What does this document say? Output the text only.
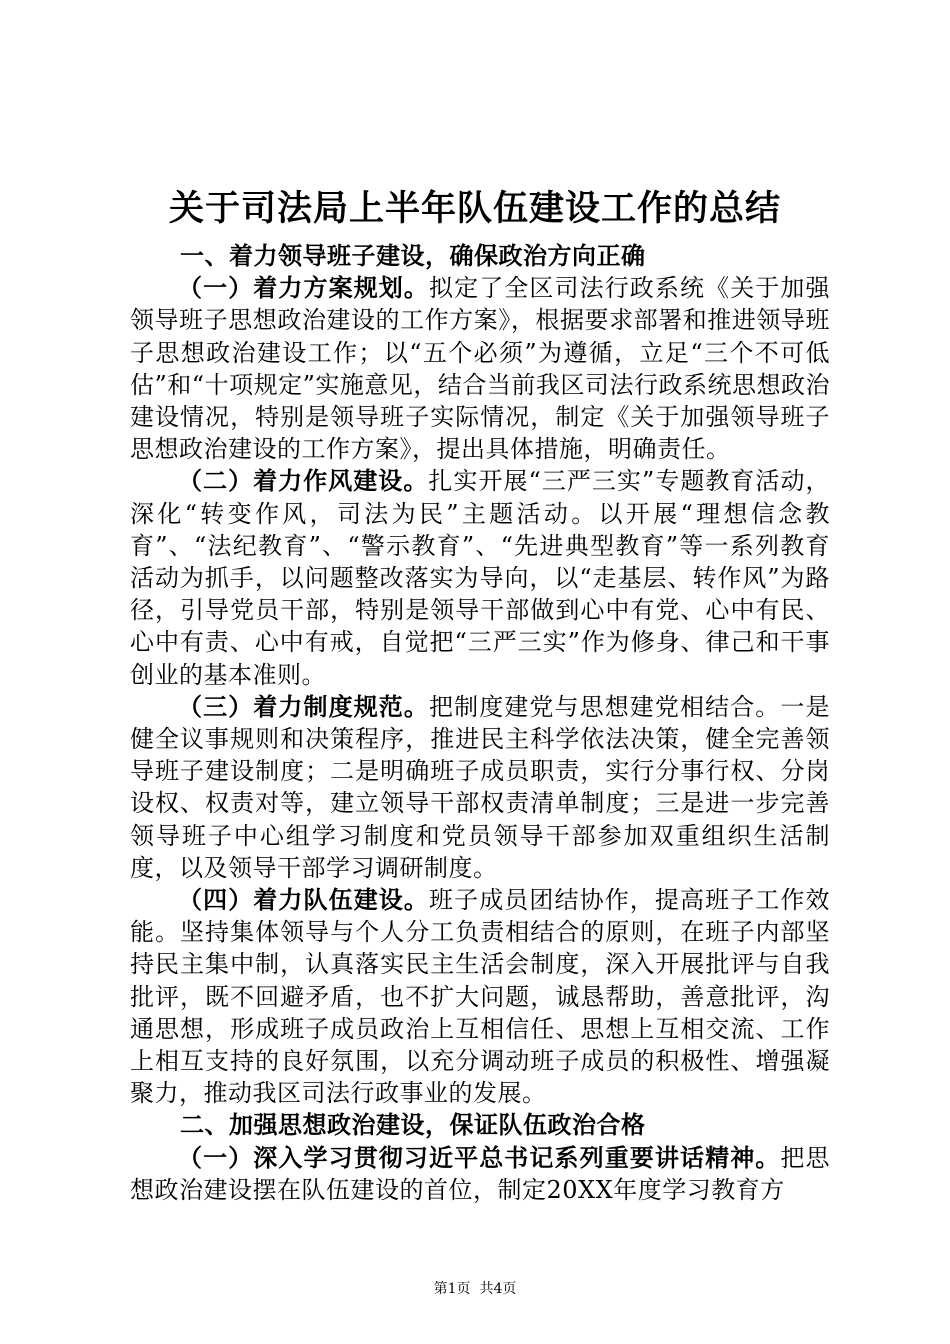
关于司法局上半年队伍建设工作的总结

一、着力领导班子建设，确保政治方向正确

（一）着力方案规划。拟定了全区司法行政系统《关于加强领导班子思想政治建设的工作方案》，根据要求部署和推进领导班子思想政治建设工作；以“五个必须”为遵循，立足“三个不可低估”和“十项规定”实施意见，结合当前我区司法行政系统思想政治建设情况，特别是领导班子实际情况，制定《关于加强领导班子思想政治建设的工作方案》，提出具体措施，明确责任。

（二）着力作风建设。扎实开展“三严三实”专题教育活动，深化“转变作风，司法为民”主题活动。以开展“理想信念教育”、“法纪教育”、“警示教育”、“先进典型教育”等一系列教育活动为抓手，以问题整改落实为导向，以“走基层、转作风”为路径，引导党员干部，特别是领导干部做到心中有党、心中有民、心中有责、心中有戒，自觉把“三严三实”作为修身、律己和干事创业的基本准则。

（三）着力制度规范。把制度建党与思想建党相结合。一是健全议事规则和决策程序，推进民主科学依法决策，健全完善领导班子建设制度；二是明确班子成员职责，实行分事行权、分岗设权、权责对等，建立领导干部权责清单制度；三是进一步完善领导班子中心组学习制度和党员领导干部参加双重组织生活制度，以及领导干部学习调研制度。

（四）着力队伍建设。班子成员团结协作，提高班子工作效能。坚持集体领导与个人分工负责相结合的原则，在班子内部坚持民主集中制，认真落实民主生活会制度，深入开展批评与自我批评，既不回避矛盾，也不扩大问题，诚恳帮助，善意批评，沟通思想，形成班子成员政治上互相信任、思想上互相交流、工作上相互支持的良好氛围，以充分调动班子成员的积极性、增强凝聚力，推动我区司法行政事业的发展。

二、加强思想政治建设，保证队伍政治合格

（一）深入学习贯彻习近平总书记系列重要讲话精神。把思想政治建设摆在队伍建设的首位，制定20XX年度学习教育方

第1页 共4页
